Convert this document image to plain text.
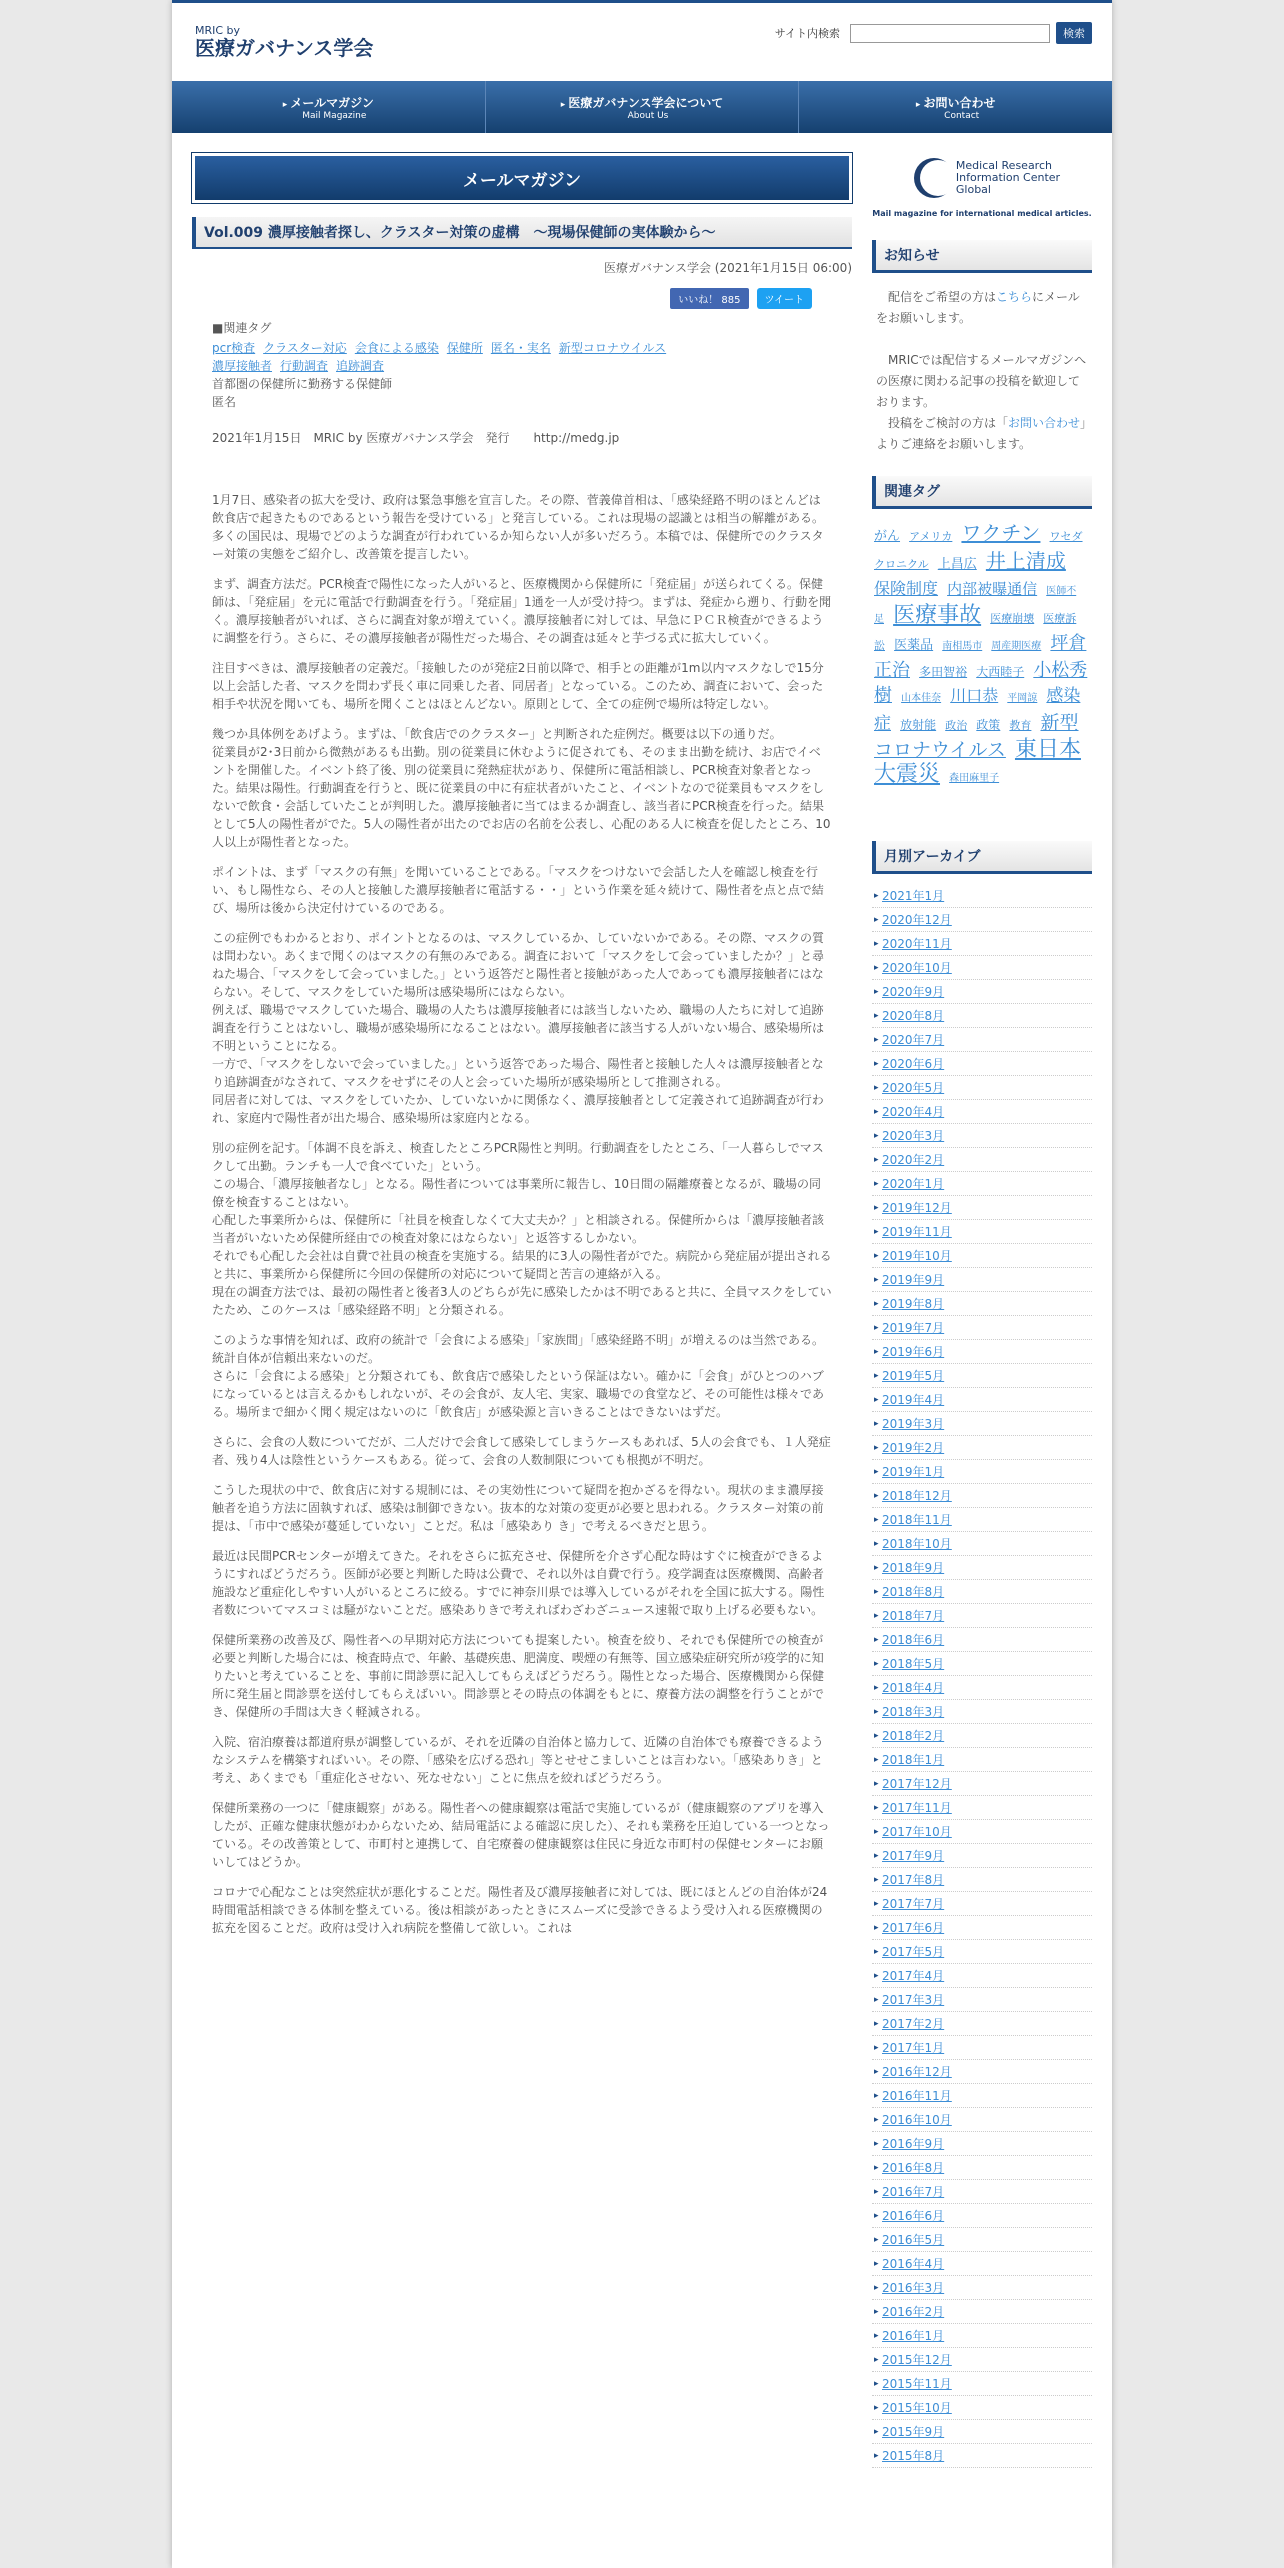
MRIC by
医療ガバナンス学会
サイト内検索	検索
▸ メールマガジン
Mail Magazine
▸ 医療ガバナンス学会について
About Us
▸ お問い合わせ
Contact
メールマガジン
Vol.009 濃厚接触者探し、クラスター対策の虚構　～現場保健師の実体験から～
医療ガバナンス学会 (2021年1月15日 06:00)
いいね！ 885	ツイート
■関連タグ
pcr検査 クラスター対応 会食による感染 保健所 匿名・実名 新型コロナウイルス
濃厚接触者 行動調査 追跡調査
首都圏の保健所に勤務する保健師
匿名
2021年1月15日　MRIC by 医療ガバナンス学会　発行　　http://medg.jp

1月7日、感染者の拡大を受け、政府は緊急事態を宣言した。その際、菅義偉首相は、「感染経路不明のほとんどは飲食店で起きたものであるという報告を受けている」と発言している。これは現場の認識とは相当の解離がある。多くの国民は、現場でどのような調査が行われているか知らない人が多いだろう。本稿では、保健所でのクラスター対策の実態をご紹介し、改善策を提言したい。

まず、調査方法だ。PCR検査で陽性になった人がいると、医療機関から保健所に「発症届」が送られてくる。保健師は、「発症届」を元に電話で行動調査を行う。「発症届」1通を一人が受け持つ。まずは、発症から遡り、行動を聞く。濃厚接触者がいれば、さらに調査対象が増えていく。濃厚接触者に対しては、早急にＰＣＲ検査ができるように調整を行う。さらに、その濃厚接触者が陽性だった場合、その調査は延々と芋づる式に拡大していく。

注目すべきは、濃厚接触者の定義だ。「接触したのが発症2日前以降で、相手との距離が1m以内マスクなしで15分以上会話した者、マスクを問わず長く車に同乗した者、同居者」となっている。このため、調査において、会った相手や状況を聞いても、場所を聞くことはほとんどない。原則として、全ての症例で場所は特定しない。

幾つか具体例をあげよう。まずは、「飲食店でのクラスター」と判断された症例だ。概要は以下の通りだ。
従業員が2･3日前から微熱があるも出勤。別の従業員に休むように促されても、そのまま出勤を続け、お店でイベントを開催した。イベント終了後、別の従業員に発熱症状があり、保健所に電話相談し、PCR検査対象者となった。結果は陽性。行動調査を行うと、既に従業員の中に有症状者がいたこと、イベントなので従業員もマスクをしないで飲食・会話していたことが判明した。濃厚接触者に当てはまるか調査し、該当者にPCR検査を行った。結果として5人の陽性者がでた。5人の陽性者が出たのでお店の名前を公表し、心配のある人に検査を促したところ、10人以上が陽性者となった。

ポイントは、まず「マスクの有無」を聞いていることである。「マスクをつけないで会話した人を確認し検査を行い、もし陽性なら、その人と接触した濃厚接触者に電話する・・」という作業を延々続けて、陽性者を点と点で結び、場所は後から決定付けているのである。

この症例でもわかるとおり、ポイントとなるのは、マスクしているか、していないかである。その際、マスクの質は問わない。あくまで聞くのはマスクの有無のみである。調査において「マスクをして会っていましたか？」と尋ねた場合、「マスクをして会っていました。」という返答だと陽性者と接触があった人であっても濃厚接触者にはならない。そして、マスクをしていた場所は感染場所にはならない。
例えば、職場でマスクしていた場合、職場の人たちは濃厚接触者には該当しないため、職場の人たちに対して追跡調査を行うことはないし、職場が感染場所になることはない。濃厚接触者に該当する人がいない場合、感染場所は不明ということになる。
一方で、「マスクをしないで会っていました。」という返答であった場合、陽性者と接触した人々は濃厚接触者となり追跡調査がなされて、マスクをせずにその人と会っていた場所が感染場所として推測される。
同居者に対しては、マスクをしていたか、していないかに関係なく、濃厚接触者として定義されて追跡調査が行われ、家庭内で陽性者が出た場合、感染場所は家庭内となる。

別の症例を記す。「体調不良を訴え、検査したところPCR陽性と判明。行動調査をしたところ、「一人暮らしでマスクして出勤。ランチも一人で食べていた」という。
この場合、「濃厚接触者なし」となる。陽性者については事業所に報告し、10日間の隔離療養となるが、職場の同僚を検査することはない。
心配した事業所からは、保健所に「社員を検査しなくて大丈夫か？」と相談される。保健所からは「濃厚接触者該当者がいないため保健所経由での検査対象にはならない」と返答するしかない。
それでも心配した会社は自費で社員の検査を実施する。結果的に3人の陽性者がでた。病院から発症届が提出されると共に、事業所から保健所に今回の保健所の対応について疑問と苦言の連絡が入る。
現在の調査方法では、最初の陽性者と後者3人のどちらが先に感染したかは不明であると共に、全員マスクをしていたため、このケースは「感染経路不明」と分類される。

このような事情を知れば、政府の統計で「会食による感染」「家族間」「感染経路不明」が増えるのは当然である。統計自体が信頼出来ないのだ。
さらに「会食による感染」と分類されても、飲食店で感染したという保証はない。確かに「会食」がひとつのハブになっているとは言えるかもしれないが、その会食が、友人宅、実家、職場での食堂など、その可能性は様々である。場所まで細かく聞く規定はないのに「飲食店」が感染源と言いきることはできないはずだ。

さらに、会食の人数についてだが、二人だけで会食して感染してしまうケースもあれば、5人の会食でも、１人発症者、残り4人は陰性というケースもある。従って、会食の人数制限についても根拠が不明だ。

こうした現状の中で、飲食店に対する規制には、その実効性について疑問を抱かざるを得ない。現状のまま濃厚接触者を追う方法に固執すれば、感染は制御できない。抜本的な対策の変更が必要と思われる。クラスター対策の前提は、「市中で感染が蔓延していない」ことだ。私は「感染あり き」で考えるべきだと思う。

最近は民間PCRセンターが増えてきた。それをさらに拡充させ、保健所を介さず心配な時はすぐに検査ができるようにすればどうだろう。医師が必要と判断した時は公費で、それ以外は自費で行う。疫学調査は医療機関、高齢者施設など重症化しやすい人がいるところに絞る。すでに神奈川県では導入しているがそれを全国に拡大する。陽性者数についてマスコミは騒がないことだ。感染ありきで考えればわざわざニュース速報で取り上げる必要もない。

保健所業務の改善及び、陽性者への早期対応方法についても提案したい。検査を絞り、それでも保健所での検査が必要と判断した場合には、検査時点で、年齢、基礎疾患、肥満度、喫煙の有無等、国立感染症研究所が疫学的に知りたいと考えていることを、事前に問診票に記入してもらえばどうだろう。陽性となった場合、医療機関から保健所に発生届と問診票を送付してもらえばいい。問診票とその時点の体調をもとに、療養方法の調整を行うことができ、保健所の手間は大きく軽減される。

入院、宿泊療養は都道府県が調整しているが、それを近隣の自治体と協力して、近隣の自治体でも療養できるようなシステムを構築すればいい。その際、「感染を広げる恐れ」等とせせこましいことは言わない。「感染ありき」と考え、あくまでも「重症化させない、死なせない」ことに焦点を絞ればどうだろう。

保健所業務の一つに「健康観察」がある。陽性者への健康観察は電話で実施しているが（健康観察のアプリを導入したが、正確な健康状態がわからないため、結局電話による確認に戻した）、それも業務を圧迫している一つとなっている。その改善策として、市町村と連携して、自宅療養の健康観察は住民に身近な市町村の保健センターにお願いしてはどうか。

コロナで心配なことは突然症状が悪化することだ。陽性者及び濃厚接触者に対しては、既にほとんどの自治体が24時間電話相談できる体制を整えている。後は相談があったときにスムーズに受診できるよう受け入れる医療機関の拡充を図ることだ。政府は受け入れ病院を整備して欲しい。これは

Medical Research
Information Center
Global
Mail magazine for international medical articles.
お知らせ

配信をご希望の方はこちらにメールをお願いします。

MRICでは配信するメールマガジンへの医療に関わる記事の投稿を歓迎しております。

投稿をご検討の方は「お問い合わせ」よりご連絡をお願いします。

関連タグ
がん アメリカ ワクチン ワセダクロニクル 上昌広 井上清成 保険制度 内部被曝通信 医師不足 医療事故 医療崩壊 医療訴訟 医薬品 南相馬市 周産期医療 坪倉正治 多田智裕 大西睦子 小松秀樹 山本佳奈 川口恭 平岡諒 感染症 放射能 政治 政策 教育 新型コロナウイルス 東日本大震災 森田麻里子
月別アーカイブ
▸ 2021年1月
▸ 2020年12月
▸ 2020年11月
▸ 2020年10月
▸ 2020年9月
▸ 2020年8月
▸ 2020年7月
▸ 2020年6月
▸ 2020年5月
▸ 2020年4月
▸ 2020年3月
▸ 2020年2月
▸ 2020年1月
▸ 2019年12月
▸ 2019年11月
▸ 2019年10月
▸ 2019年9月
▸ 2019年8月
▸ 2019年7月
▸ 2019年6月
▸ 2019年5月
▸ 2019年4月
▸ 2019年3月
▸ 2019年2月
▸ 2019年1月
▸ 2018年12月
▸ 2018年11月
▸ 2018年10月
▸ 2018年9月
▸ 2018年8月
▸ 2018年7月
▸ 2018年6月
▸ 2018年5月
▸ 2018年4月
▸ 2018年3月
▸ 2018年2月
▸ 2018年1月
▸ 2017年12月
▸ 2017年11月
▸ 2017年10月
▸ 2017年9月
▸ 2017年8月
▸ 2017年7月
▸ 2017年6月
▸ 2017年5月
▸ 2017年4月
▸ 2017年3月
▸ 2017年2月
▸ 2017年1月
▸ 2016年12月
▸ 2016年11月
▸ 2016年10月
▸ 2016年9月
▸ 2016年8月
▸ 2016年7月
▸ 2016年6月
▸ 2016年5月
▸ 2016年4月
▸ 2016年3月
▸ 2016年2月
▸ 2016年1月
▸ 2015年12月
▸ 2015年11月
▸ 2015年10月
▸ 2015年9月
▸ 2015年8月
